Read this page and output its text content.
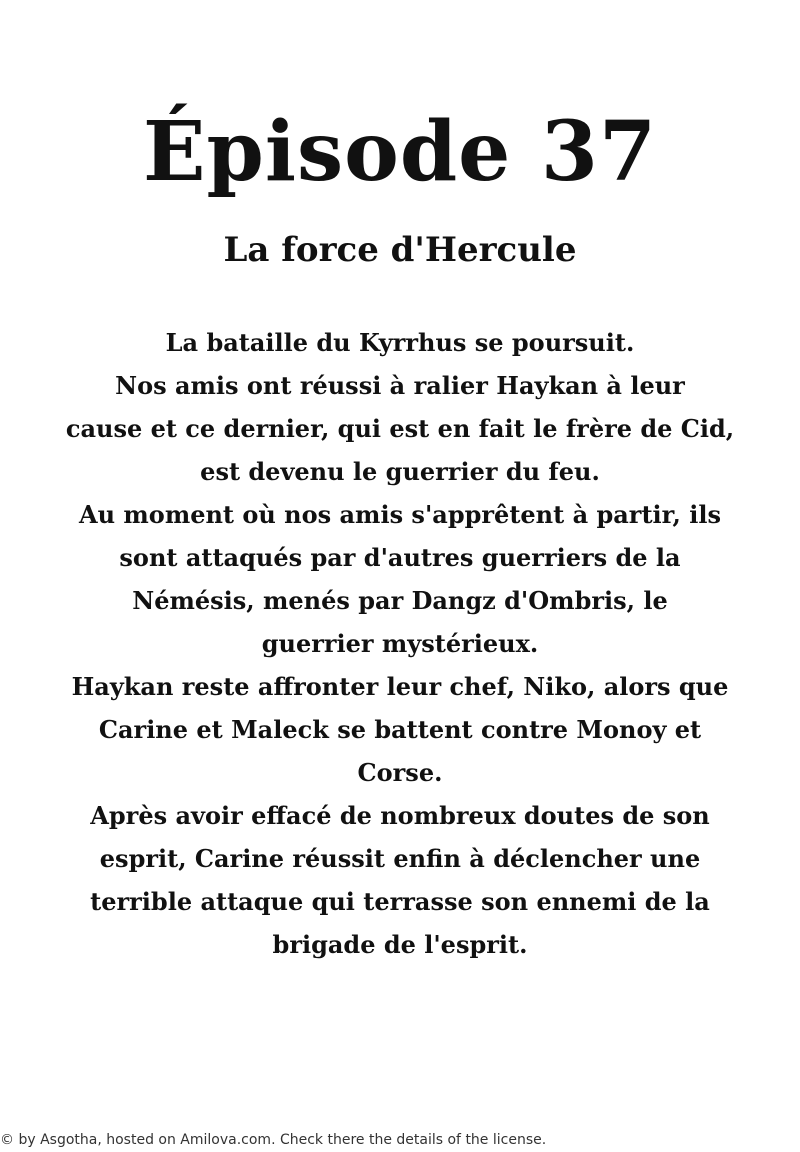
Épisode 37
La force d'Hercule
La bataille du Kyrrhus se poursuit.
Nos amis ont réussi à ralier Haykan à leur
cause et ce dernier, qui est en fait le frère de Cid,
est devenu le guerrier du feu.
Au moment où nos amis s'apprêtent à partir, ils
sont attaqués par d'autres guerriers de la
Némésis, menés par Dangz d'Ombris, le
guerrier mystérieux.
Haykan reste affronter leur chef, Niko, alors que
Carine et Maleck se battent contre Monoy et
Corse.
Après avoir effacé de nombreux doutes de son
esprit, Carine réussit enfin à déclencher une
terrible attaque qui terrasse son ennemi de la
brigade de l'esprit.
© by Asgotha, hosted on Amilova.com. Check there the details of the license.
